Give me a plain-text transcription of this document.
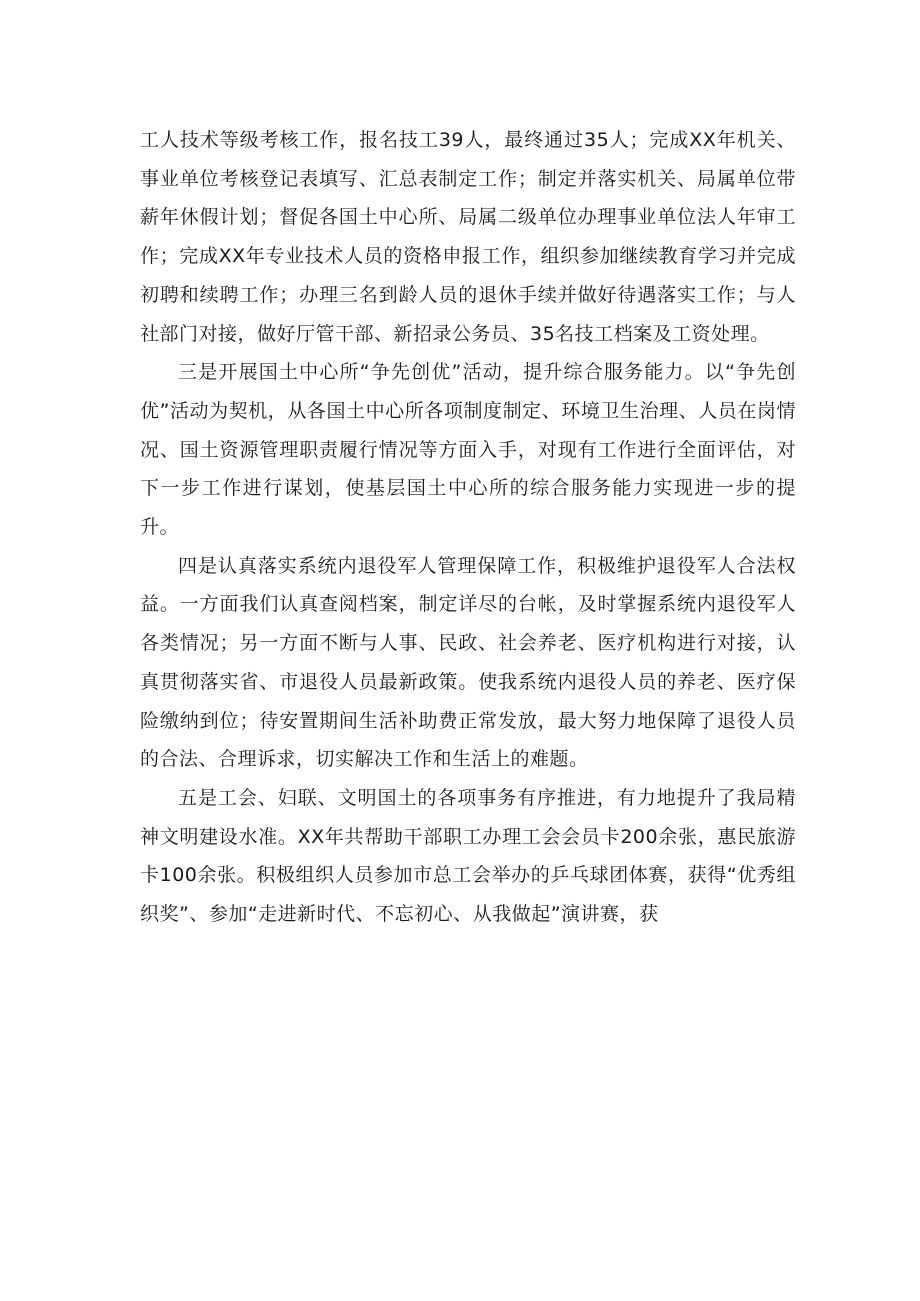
工人技术等级考核工作，报名技工39人，最终通过35人；完成XX年机关、事业单位考核登记表填写、汇总表制定工作；制定并落实机关、局属单位带薪年休假计划；督促各国土中心所、局属二级单位办理事业单位法人年审工作；完成XX年专业技术人员的资格申报工作，组织参加继续教育学习并完成初聘和续聘工作；办理三名到龄人员的退休手续并做好待遇落实工作；与人社部门对接，做好厅管干部、新招录公务员、35名技工档案及工资处理。

三是开展国土中心所“争先创优”活动，提升综合服务能力。以“争先创优”活动为契机，从各国土中心所各项制度制定、环境卫生治理、人员在岗情况、国土资源管理职责履行情况等方面入手，对现有工作进行全面评估，对下一步工作进行谋划，使基层国土中心所的综合服务能力实现进一步的提升。

四是认真落实系统内退役军人管理保障工作，积极维护退役军人合法权益。一方面我们认真查阅档案，制定详尽的台帐，及时掌握系统内退役军人各类情况；另一方面不断与人事、民政、社会养老、医疗机构进行对接，认真贯彻落实省、市退役人员最新政策。使我系统内退役人员的养老、医疗保险缴纳到位；待安置期间生活补助费正常发放，最大努力地保障了退役人员的合法、合理诉求，切实解决工作和生活上的难题。

五是工会、妇联、文明国土的各项事务有序推进，有力地提升了我局精神文明建设水准。XX年共帮助干部职工办理工会会员卡200余张，惠民旅游卡100余张。积极组织人员参加市总工会举办的乒乓球团体赛，获得“优秀组织奖”、参加“走进新时代、不忘初心、从我做起”演讲赛，获
